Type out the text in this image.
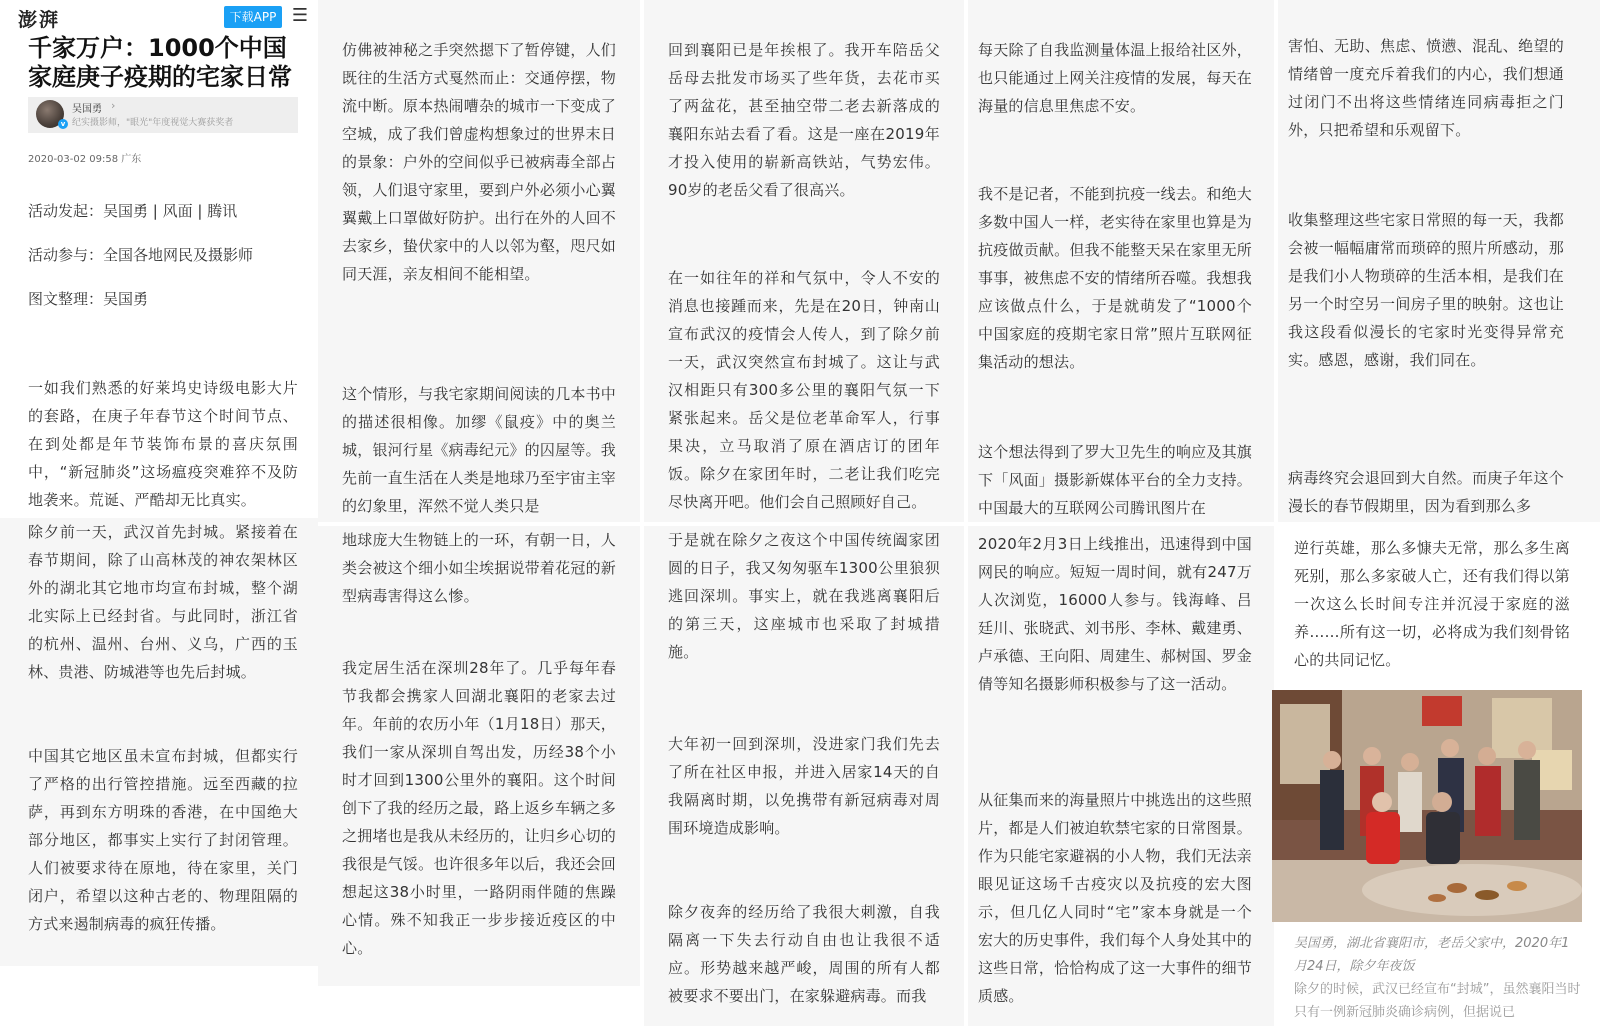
澎湃	下载APP ☰
千家万户：1000个中国家庭庚子疫期的宅家日常
v
吴国勇 ›
纪实摄影师，"眼光"年度视觉大赛获奖者
2020-03-02 09:58 广东
活动发起：吴国勇 | 风面 | 腾讯
活动参与：全国各地网民及摄影师
图文整理：吴国勇

一如我们熟悉的好莱坞史诗级电影大片的套路，在庚子年春节这个时间节点、在到处都是年节装饰布景的喜庆氛围中，“新冠肺炎”这场瘟疫突难猝不及防地袭来。荒诞、严酷却无比真实。

除夕前一天，武汉首先封城。紧接着在春节期间，除了山高林茂的神农架林区外的湖北其它地市均宣布封城，整个湖北实际上已经封省。与此同时，浙江省的杭州、温州、台州、义乌，广西的玉林、贵港、防城港等也先后封城。

中国其它地区虽未宣布封城，但都实行了严格的出行管控措施。远至西藏的拉萨，再到东方明珠的香港，在中国绝大部分地区，都事实上实行了封闭管理。人们被要求待在原地，待在家里，关门闭户，希望以这种古老的、物理阻隔的方式来遏制病毒的疯狂传播。

仿佛被神秘之手突然摁下了暂停键，人们既往的生活方式戛然而止：交通停摆，物流中断。原本热闹嘈杂的城市一下变成了空城，成了我们曾虚构想象过的世界末日的景象：户外的空间似乎已被病毒全部占领，人们退守家里，要到户外必须小心翼翼戴上口罩做好防护。出行在外的人回不去家乡，蛰伏家中的人以邻为壑，咫尺如同天涯，亲友相间不能相望。

这个情形，与我宅家期间阅读的几本书中的描述很相像。加缪《鼠疫》中的奥兰城，银河行星《病毒纪元》的囚屋等。我先前一直生活在人类是地球乃至宇宙主宰的幻象里，浑然不觉人类只是

地球庞大生物链上的一环，有朝一日，人类会被这个细小如尘埃据说带着花冠的新型病毒害得这么惨。

我定居生活在深圳28年了。几乎每年春节我都会携家人回湖北襄阳的老家去过年。年前的农历小年（1月18日）那天，我们一家从深圳自驾出发，历经38个小时才回到1300公里外的襄阳。这个时间创下了我的经历之最，路上返乡车辆之多之拥堵也是我从未经历的，让归乡心切的我很是气馁。也许很多年以后，我还会回想起这38小时里，一路阴雨伴随的焦躁心情。殊不知我正一步步接近疫区的中心。

回到襄阳已是年挨根了。我开车陪岳父岳母去批发市场买了些年货，去花市买了两盆花，甚至抽空带二老去新落成的襄阳东站去看了看。这是一座在2019年才投入使用的崭新高铁站，气势宏伟。90岁的老岳父看了很高兴。

在一如往年的祥和气氛中，令人不安的消息也接踵而来，先是在20日，钟南山宣布武汉的疫情会人传人，到了除夕前一天，武汉突然宣布封城了。这让与武汉相距只有300多公里的襄阳气氛一下紧张起来。岳父是位老革命军人，行事果决，立马取消了原在酒店订的团年饭。除夕在家团年时，二老让我们吃完尽快离开吧。他们会自己照顾好自己。

于是就在除夕之夜这个中国传统阖家团圆的日子，我又匆匆驱车1300公里狼狈逃回深圳。事实上，就在我逃离襄阳后的第三天，这座城市也采取了封城措施。

大年初一回到深圳，没进家门我们先去了所在社区申报，并进入居家14天的自我隔离时期，以免携带有新冠病毒对周围环境造成影响。

除夕夜奔的经历给了我很大刺激，自我隔离一下失去行动自由也让我很不适应。形势越来越严峻，周围的所有人都被要求不要出门，在家躲避病毒。而我

每天除了自我监测量体温上报给社区外，也只能通过上网关注疫情的发展，每天在海量的信息里焦虑不安。

我不是记者，不能到抗疫一线去。和绝大多数中国人一样，老实待在家里也算是为抗疫做贡献。但我不能整天呆在家里无所事事，被焦虑不安的情绪所吞噬。我想我应该做点什么，于是就萌发了“1000个中国家庭的疫期宅家日常”照片互联网征集活动的想法。

这个想法得到了罗大卫先生的响应及其旗下「风面」摄影新媒体平台的全力支持。中国最大的互联网公司腾讯图片在

2020年2月3日上线推出，迅速得到中国网民的响应。短短一周时间，就有247万人次浏览，16000人参与。钱海峰、吕廷川、张晓武、刘书彤、李林、戴建勇、卢承德、王向阳、周建生、郝树国、罗金倩等知名摄影师积极参与了这一活动。

从征集而来的海量照片中挑选出的这些照片，都是人们被迫软禁宅家的日常图景。作为只能宅家避祸的小人物，我们无法亲眼见证这场千古疫灾以及抗疫的宏大图示，但几亿人同时“宅”家本身就是一个宏大的历史事件，我们每个人身处其中的这些日常，恰恰构成了这一大事件的细节质感。

害怕、无助、焦虑、愤懑、混乱、绝望的情绪曾一度充斥着我们的内心，我们想通过闭门不出将这些情绪连同病毒拒之门外，只把希望和乐观留下。

收集整理这些宅家日常照的每一天，我都会被一幅幅庸常而琐碎的照片所感动，那是我们小人物琐碎的生活本相，是我们在另一个时空另一间房子里的映射。这也让我这段看似漫长的宅家时光变得异常充实。感恩，感谢，我们同在。

病毒终究会退回到大自然。而庚子年这个漫长的春节假期里，因为看到那么多

逆行英雄，那么多慷夫无常，那么多生离死别，那么多家破人亡，还有我们得以第一次这么长时间专注并沉浸于家庭的滋养……所有这一切，必将成为我们刻骨铭心的共同记忆。

吴国勇，湖北省襄阳市，老岳父家中，2020年1月24日，除夕年夜饭

除夕的时候，武汉已经宣布“封城”，虽然襄阳当时只有一例新冠肺炎确诊病例，但据说已
